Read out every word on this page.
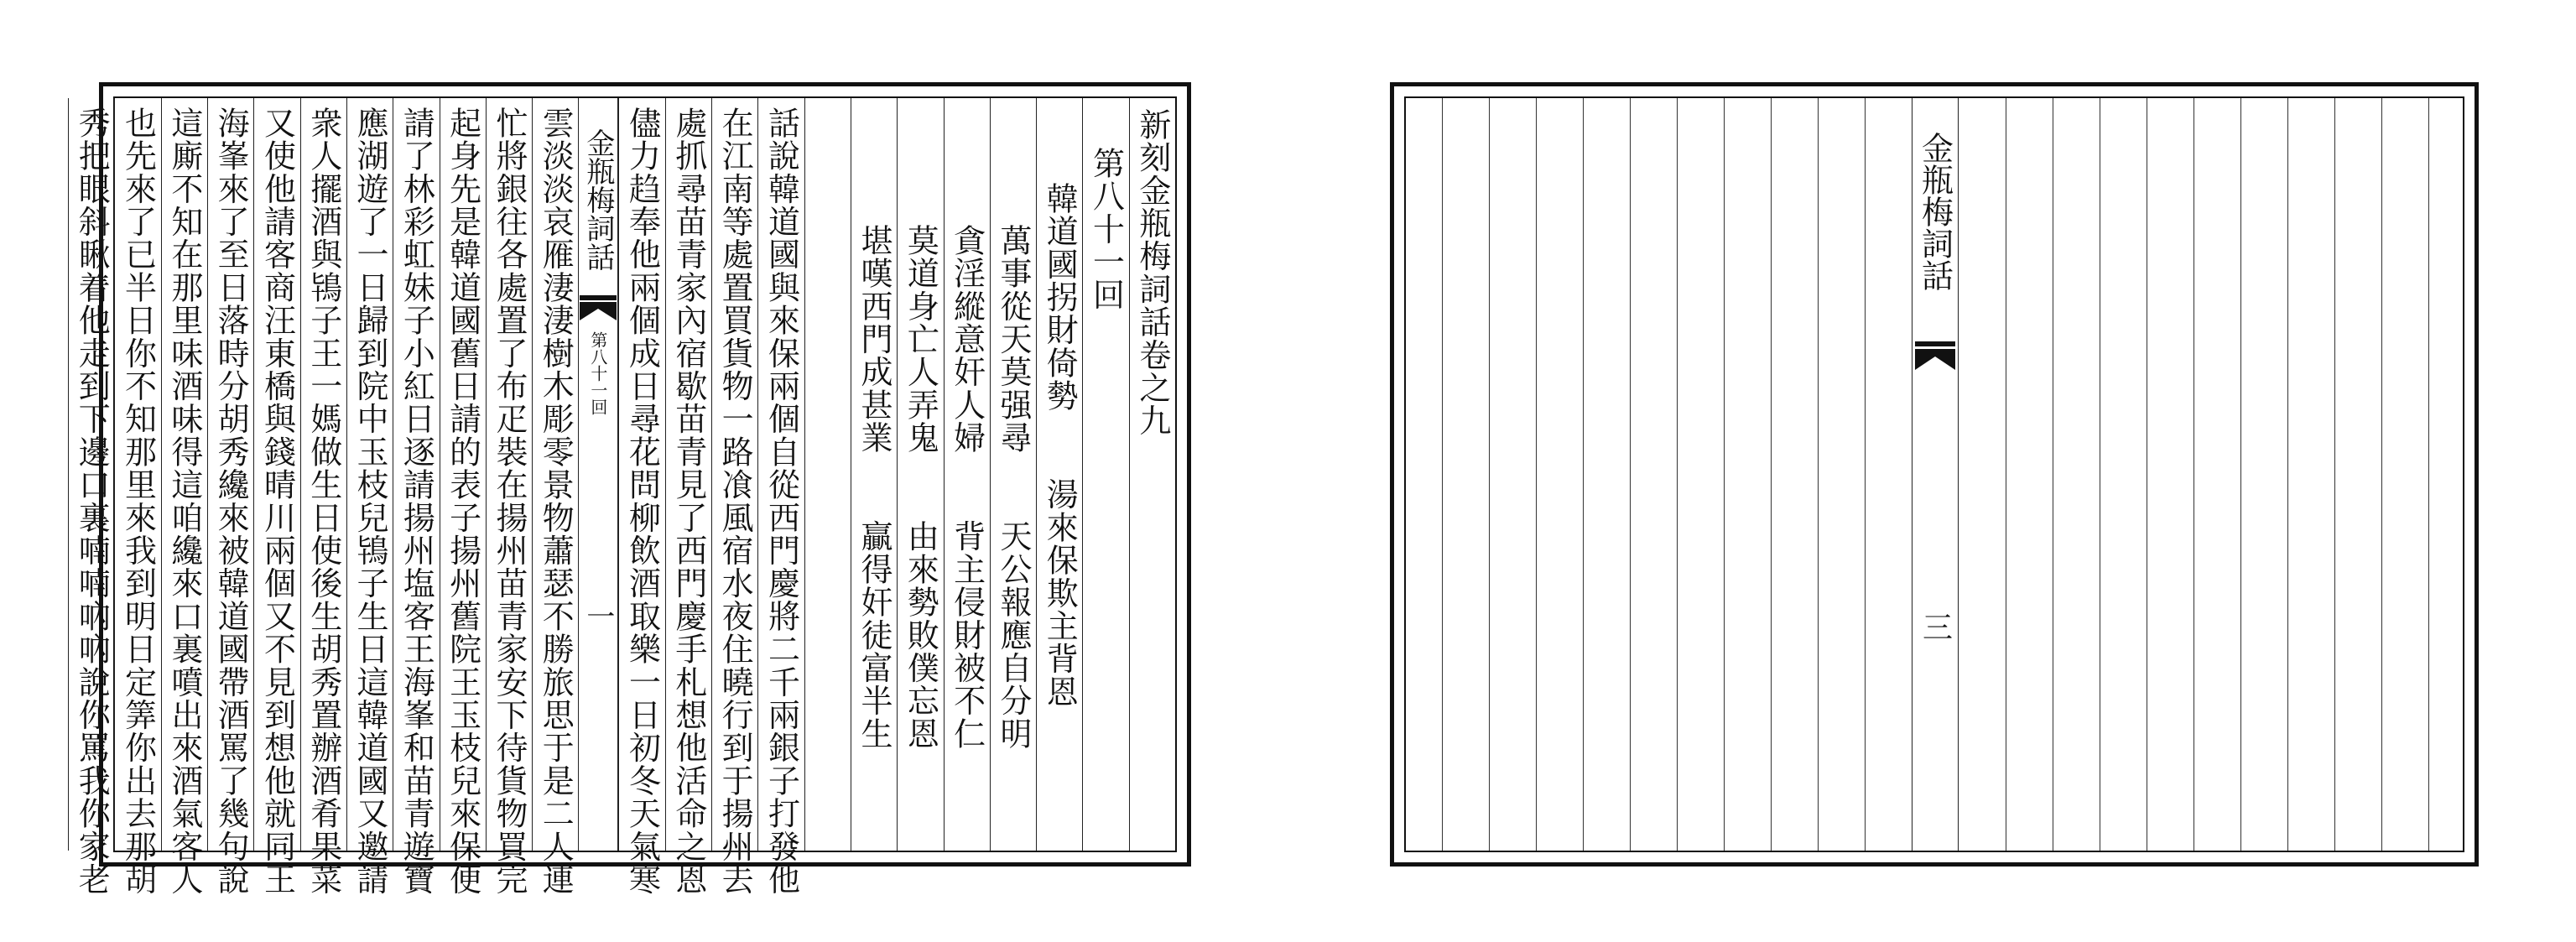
新刻金瓶梅詞話卷之九
第八十一回
韓道國拐財倚勢　　湯來保欺主背恩
萬事從天莫强尋　　天公報應自分明
貪淫縱意奸人婦　　背主侵財被不仁
莫道身亡人弄鬼　　由來勢敗僕忘恩
堪嘆西門成甚業　　贏得奸徒富半生
話說韓道國與來保兩個自從西門慶將二千兩銀子打發他
在江南等處置買貨物一路飡風宿水夜住曉行到于揚州去
處抓尋苗青家內宿歇苗青見了西門慶手札想他活命之恩
儘力趋奉他兩個成日尋花問柳飲酒取樂一日初冬天氣寒
金瓶梅詞話
第八十一回
一
雲淡淡哀雁淒淒樹木彫零景物蕭瑟不勝旅思于是二人連
忙將銀往各處置了布疋裝在揚州苗青家安下待貨物買完
起身先是韓道國舊日請的表子揚州舊院王玉枝兒來保便
請了林彩虹妹子小紅日逐請揚州塩客王海峯和苗青遊寶
應湖遊了一日歸到院中玉枝兒鴇子生日這韓道國又邀請
衆人擺酒與鴇子王一媽做生日使後生胡秀置辦酒肴果菜
又使他請客商汪東橋與錢晴川兩個又不見到想他就同王
海峯來了至日落時分胡秀纔來被韓道國帶酒罵了幾句說
這廝不知在那里味酒味得這咱纔來口裏噴出來酒氣客人
也先來了已半日你不知那里來我到明日定筭你出去那胡
秀把眼斜瞅着他走到下邊口裏喃喃吶吶說你罵我你家老	金瓶梅詞話
三
